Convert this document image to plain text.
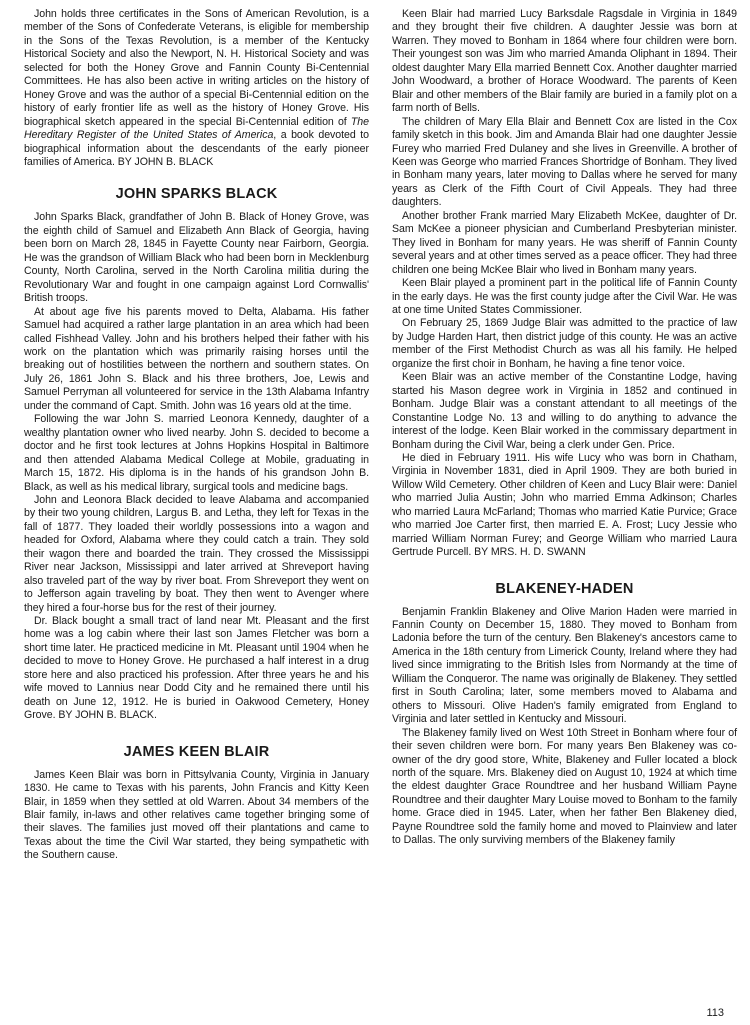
John holds three certificates in the Sons of American Revolution, is a member of the Sons of Confederate Veterans, is eligible for membership in the Sons of the Texas Revolution, is a member of the Kentucky Historical Society and also the Newport, N. H. Historical Society and was selected for both the Honey Grove and Fannin County Bi-Centennial Committees. He has also been active in writing articles on the history of Honey Grove and was the author of a special Bi-Centennial edition on the history of early frontier life as well as the history of Honey Grove. His biographical sketch appeared in the special Bi-Centennial edition of The Hereditary Register of the United States of America, a book devoted to biographical information about the descendants of the early pioneer families of America. BY JOHN B. BLACK

JOHN SPARKS BLACK

John Sparks Black, grandfather of John B. Black of Honey Grove, was the eighth child of Samuel and Elizabeth Ann Black of Georgia, having been born on March 28, 1845 in Fayette County near Fairborn, Georgia. He was the grandson of William Black who had been born in Mecklenburg County, North Carolina, served in the North Carolina militia during the Revolutionary War and fought in one campaign against Lord Cornwallis' British troops.

At about age five his parents moved to Delta, Alabama. His father Samuel had acquired a rather large plantation in an area which had been called Fishhead Valley. John and his brothers helped their father with his work on the plantation which was primarily raising horses until the breaking out of hostilities between the northern and southern states. On July 26, 1861 John S. Black and his three brothers, Joe, Lewis and Samuel Perryman all volunteered for service in the 13th Alabama Infantry under the command of Capt. Smith. John was 16 years old at the time.

Following the war John S. married Leonora Kennedy, daughter of a wealthy plantation owner who lived nearby. John S. decided to become a doctor and he first took lectures at Johns Hopkins Hospital in Baltimore and then attended Alabama Medical College at Mobile, graduating in March 15, 1872. His diploma is in the hands of his grandson John B. Black, as well as his medical library, surgical tools and medicine bags.

John and Leonora Black decided to leave Alabama and accompanied by their two young children, Largus B. and Letha, they left for Texas in the fall of 1877. They loaded their worldly possessions into a wagon and headed for Oxford, Alabama where they could catch a train. They sold their wagon there and boarded the train. They crossed the Mississippi River near Jackson, Mississippi and later arrived at Shreveport having also traveled part of the way by river boat. From Shreveport they went on to Jefferson again traveling by boat. They then went to Avenger where they hired a four-horse bus for the rest of their journey.

Dr. Black bought a small tract of land near Mt. Pleasant and the first home was a log cabin where their last son James Fletcher was born a short time later. He practiced medicine in Mt. Pleasant until 1904 when he decided to move to Honey Grove. He purchased a half interest in a drug store here and also practiced his profession. After three years he and his wife moved to Lannius near Dodd City and he remained there until his death on June 12, 1912. He is buried in Oakwood Cemetery, Honey Grove. BY JOHN B. BLACK.

JAMES KEEN BLAIR

James Keen Blair was born in Pittsylvania County, Virginia in January 1830. He came to Texas with his parents, John Francis and Kitty Keen Blair, in 1859 when they settled at old Warren. About 34 members of the Blair family, in-laws and other relatives came together bringing some of their slaves. The families just moved off their plantations and came to Texas about the time the Civil War started, they being sympathetic with the Southern cause.

Keen Blair had married Lucy Barksdale Ragsdale in Virginia in 1849 and they brought their five children. A daughter Jessie was born at Warren. They moved to Bonham in 1864 where four children were born. Their youngest son was Jim who married Amanda Oliphant in 1894. Their oldest daughter Mary Ella married Bennett Cox. Another daughter married John Woodward, a brother of Horace Woodward. The parents of Keen Blair and other members of the Blair family are buried in a family plot on a farm north of Bells.

The children of Mary Ella Blair and Bennett Cox are listed in the Cox family sketch in this book. Jim and Amanda Blair had one daughter Jessie Furey who married Fred Dulaney and she lives in Greenville. A brother of Keen was George who married Frances Shortridge of Bonham. They lived in Bonham many years, later moving to Dallas where he served for many years as Clerk of the Fifth Court of Civil Appeals. They had three daughters.

Another brother Frank married Mary Elizabeth McKee, daughter of Dr. Sam McKee a pioneer physician and Cumberland Presbyterian minister. They lived in Bonham for many years. He was sheriff of Fannin County several years and at other times served as a peace officer. They had three children one being McKee Blair who lived in Bonham many years.

Keen Blair played a prominent part in the political life of Fannin County in the early days. He was the first county judge after the Civil War. He was at one time United States Commissioner.

On February 25, 1869 Judge Blair was admitted to the practice of law by Judge Harden Hart, then district judge of this county. He was an active member of the First Methodist Church as was all his family. He helped organize the first choir in Bonham, he having a fine tenor voice.

Keen Blair was an active member of the Constantine Lodge, having started his Mason degree work in Virginia in 1852 and continued in Bonham. Judge Blair was a constant attendant to all meetings of the Constantine Lodge No. 13 and willing to do anything to advance the interest of the lodge. Keen Blair worked in the commissary department in Bonham during the Civil War, being a clerk under Gen. Price.

He died in February 1911. His wife Lucy who was born in Chatham, Virginia in November 1831, died in April 1909. They are both buried in Willow Wild Cemetery. Other children of Keen and Lucy Blair were: Daniel who married Julia Austin; John who married Emma Adkinson; Charles who married Laura McFarland; Thomas who married Katie Purvice; Grace who married Joe Carter first, then married E. A. Frost; Lucy Jessie who married William Norman Furey; and George William who married Laura Gertrude Purcell. BY MRS. H. D. SWANN

BLAKENEY-HADEN

Benjamin Franklin Blakeney and Olive Marion Haden were married in Fannin County on December 15, 1880. They moved to Bonham from Ladonia before the turn of the century. Ben Blakeney's ancestors came to America in the 18th century from Limerick County, Ireland where they had lived since immigrating to the British Isles from Normandy at the time of William the Conqueror. The name was originally de Blakeney. They settled first in South Carolina; later, some members moved to Alabama and others to Missouri. Olive Haden's family emigrated from England to Virginia and later settled in Kentucky and Missouri.

The Blakeney family lived on West 10th Street in Bonham where four of their seven children were born. For many years Ben Blakeney was co-owner of the dry good store, White, Blakeney and Fuller located a block north of the square. Mrs. Blakeney died on August 10, 1924 at which time the eldest daughter Grace Roundtree and her husband William Payne Roundtree and their daughter Mary Louise moved to Bonham to the family home. Grace died in 1945. Later, when her father Ben Blakeney died, Payne Roundtree sold the family home and moved to Plainview and later to Dallas. The only surviving members of the Blakeney family

113
